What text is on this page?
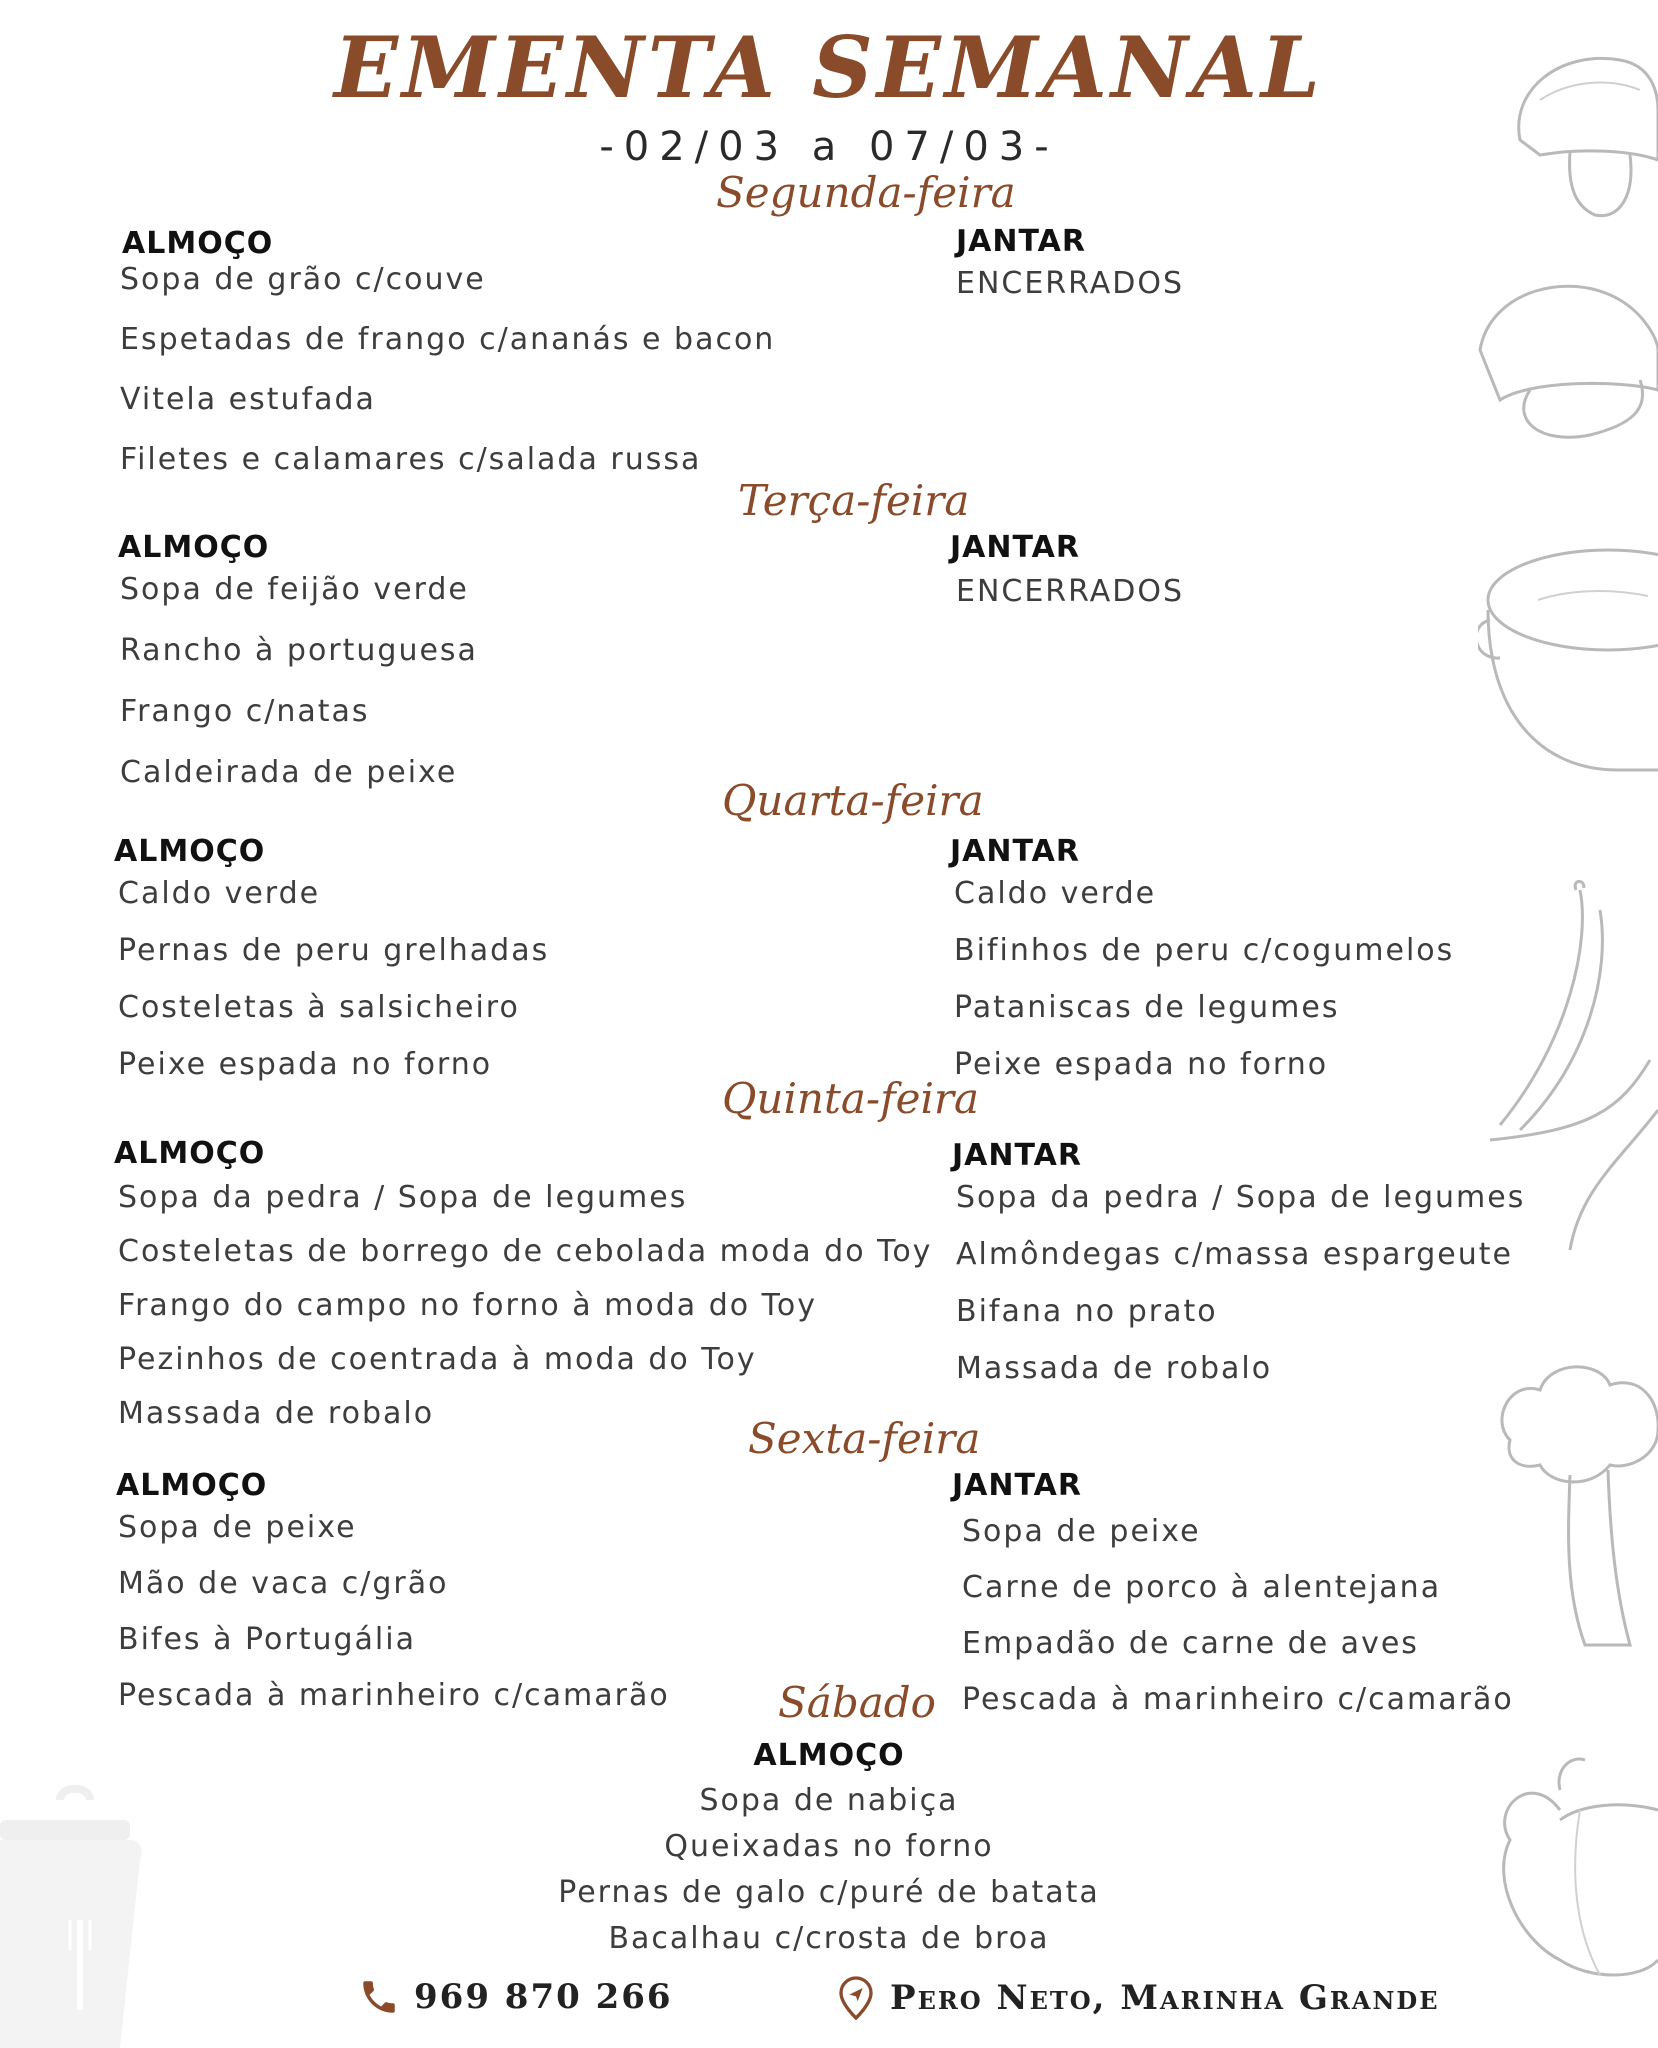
EMENTA SEMANAL
-02/03 a 07/03-
Segunda-feira
ALMOÇO
Sopa de grão c/couve
Espetadas de frango c/ananás e bacon
Vitela estufada
Filetes e calamares c/salada russa
JANTAR
ENCERRADOS
Terça-feira
ALMOÇO
Sopa de feijão verde
Rancho à portuguesa
Frango c/natas
Caldeirada de peixe
JANTAR
ENCERRADOS
Quarta-feira
ALMOÇO
Caldo verde
Pernas de peru grelhadas
Costeletas à salsicheiro
Peixe espada no forno
JANTAR
Caldo verde
Bifinhos de peru c/cogumelos
Pataniscas de legumes
Peixe espada no forno
Quinta-feira
ALMOÇO
Sopa da pedra / Sopa de legumes
Costeletas de borrego de cebolada moda do Toy
Frango do campo no forno à moda do Toy
Pezinhos de coentrada à moda do Toy
Massada de robalo
JANTAR
Sopa da pedra / Sopa de legumes
Almôndegas c/massa espargeute
Bifana no prato
Massada de robalo
Sexta-feira
ALMOÇO
Sopa de peixe
Mão de vaca c/grão
Bifes à Portugália
Pescada à marinheiro c/camarão
JANTAR
Sopa de peixe
Carne de porco à alentejana
Empadão de carne de aves
Pescada à marinheiro c/camarão
Sábado
ALMOÇO
Sopa de nabiça
Queixadas no forno
Pernas de galo c/puré de batata
Bacalhau c/crosta de broa
969 870 266	Pero Neto, Marinha Grande
